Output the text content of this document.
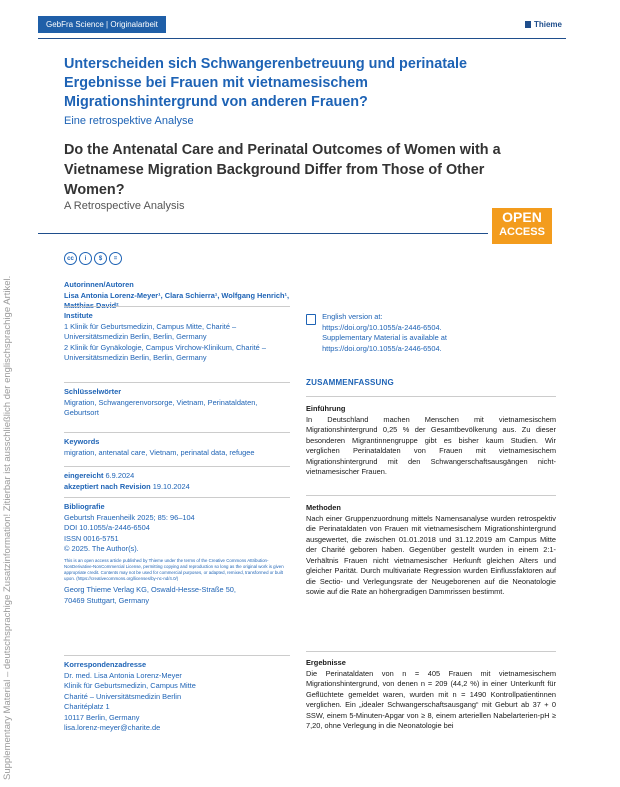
Supplementary Material – deutschsprachige Zusatzinformation! Zitierbar ist ausschließlich der englischsprachige Artikel.
GebFra Science | Originalarbeit	Thieme
Unterscheiden sich Schwangerenbetreuung und perinatale Ergebnisse bei Frauen mit vietnamesischem Migrationshintergrund von anderen Frauen?
Eine retrospektive Analyse
Do the Antenatal Care and Perinatal Outcomes of Women with a Vietnamese Migration Background Differ from Those of Other Women?
A Retrospective Analysis
OPEN
ACCESS
cc	i	$	=
Autorinnen/Autoren
Lisa Antonia Lorenz-Meyer¹, Clara Schierra¹, Wolfgang Henrich¹, Matthias David²
Institute
1 Klinik für Geburtsmedizin, Campus Mitte, Charité – Universitätsmedizin Berlin, Berlin, Germany
2 Klinik für Gynäkologie, Campus Virchow-Klinikum, Charité – Universitätsmedizin Berlin, Berlin, Germany
Schlüsselwörter
Migration, Schwangerenvorsorge, Vietnam, Perinataldaten, Geburtsort
Keywords
migration, antenatal care, Vietnam, perinatal data, refugee
eingereicht 6.9.2024
akzeptiert nach Revision 19.10.2024
Bibliografie
Geburtsh Frauenheilk 2025; 85: 96–104
DOI 10.1055/a-2446-6504
ISSN 0016-5751
© 2025. The Author(s).
This is an open access article published by Thieme under the terms of the Creative Commons Attribution-NonDerivative-NonCommercial License, permitting copying and reproduction so long as the original work is given appropriate credit. Contents may not be used for commercial purposes, or adapted, remixed, transformed or built upon. (https://creativecommons.org/licenses/by-nc-nd/4.0/)
Georg Thieme Verlag KG, Oswald-Hesse-Straße 50,
70469 Stuttgart, Germany
Korrespondenzadresse
Dr. med. Lisa Antonia Lorenz-Meyer
Klinik für Geburtsmedizin, Campus Mitte
Charité – Universitätsmedizin Berlin
Charitéplatz 1
10117 Berlin, Germany
lisa.lorenz-meyer@charite.de

English version at:
https://doi.org/10.1055/a-2446-6504.
Supplementary Material is available at
https://doi.org/10.1055/a-2446-6504.
ZUSAMMENFASSUNG
Einführung

In Deutschland machen Menschen mit vietnamesischem Migrationshintergrund 0,25 % der Gesamtbevölkerung aus. Zu dieser besonderen Migrantinnengruppe gibt es bisher kaum Studien. Wir verglichen Perinataldaten von Frauen mit vietnamesischem Migrationshintergrund mit den Schwangerschaftsausgängen nicht-vietnamesischer Frauen.

Methoden

Nach einer Gruppenzuordnung mittels Namensanalyse wurden retrospektiv die Perinataldaten von Frauen mit vietnamesischem Migrationshintergrund ausgewertet, die zwischen 01.01.2018 und 31.12.2019 am Campus Mitte der Charité geboren haben. Gegenüber gestellt wurden in einem 2:1-Verhältnis Frauen nicht vietnamesischer Herkunft gleichen Alters und gleicher Parität. Durch multivariate Regression wurden Einflussfaktoren auf die Sectio- und Verlegungsrate der Neugeborenen auf die Neonatologie sowie auf die Rate an höhergradigen Dammrissen bestimmt.

Ergebnisse

Die Perinataldaten von n = 405 Frauen mit vietnamesischem Migrationshintergrund, von denen n = 209 (44,2 %) in einer Unterkunft für Geflüchtete gemeldet waren, wurden mit n = 1490 Kontrollpatientinnen verglichen. Ein „idealer Schwangerschaftsausgang“ mit Geburt ab 37 + 0 SSW, einem 5-Minuten-Apgar von ≥ 8, einem arteriellen Nabelarterien-pH ≥ 7,20, ohne Verlegung in die Neonatologie bei
